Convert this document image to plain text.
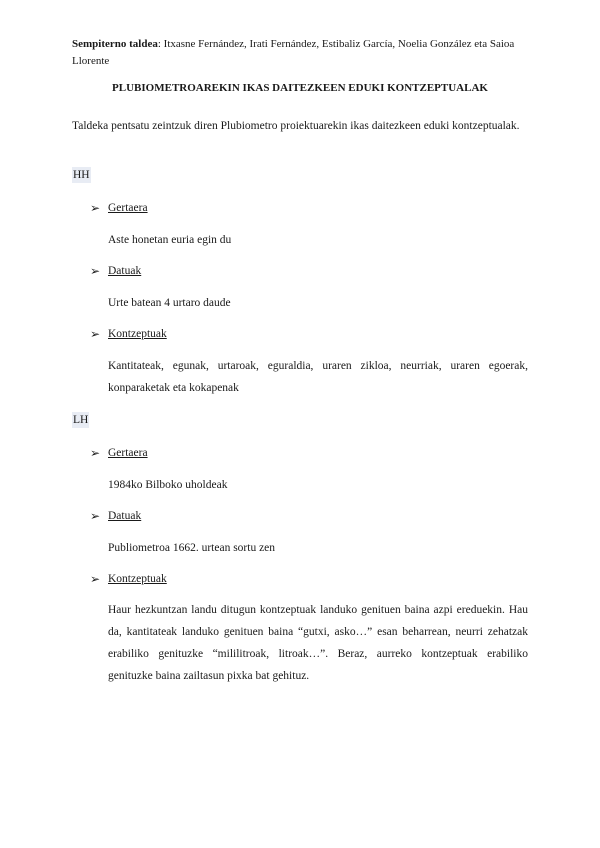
Sempiterno taldea: Itxasne Fernández, Irati Fernández, Estibaliz García, Noelia González eta Saioa Llorente
PLUBIOMETROAREKIN IKAS DAITEZKEEN EDUKI KONTZEPTUALAK
Taldeka pentsatu zeintzuk diren Plubiometro proiektuarekin ikas daitezkeen eduki kontzeptualak.
HH
➢ Gertaera
Aste honetan euria egin du
➢ Datuak
Urte batean 4 urtaro daude
➢ Kontzeptuak
Kantitateak, egunak, urtaroak, eguraldia, uraren zikloa, neurriak, uraren egoerak, konparaketak eta kokapenak
LH
➢ Gertaera
1984ko Bilboko uholdeak
➢ Datuak
Publiometroa 1662. urtean sortu zen
➢ Kontzeptuak
Haur hezkuntzan landu ditugun kontzeptuak landuko genituen baina azpi ereduekin. Hau da, kantitateak landuko genituen baina “gutxi, asko…” esan beharrean, neurri zehatzak erabiliko genituzke “mililitroak, litroak…”. Beraz, aurreko kontzeptuak erabiliko genituzke baina zailtasun pixka bat gehituz.
